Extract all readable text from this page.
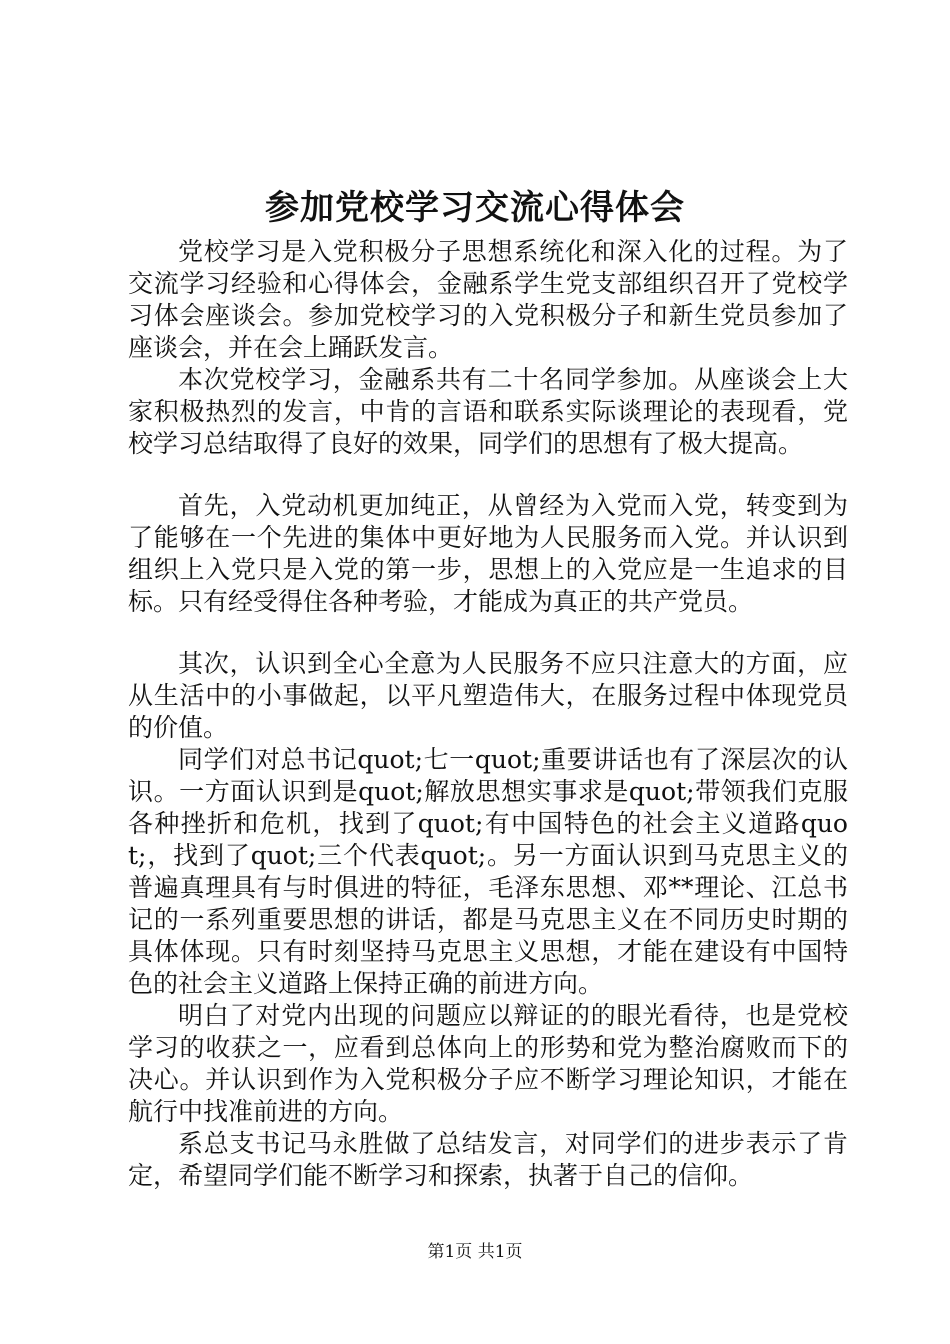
参加党校学习交流心得体会

党校学习是入党积极分子思想系统化和深入化的过程。为了交流学习经验和心得体会，金融系学生党支部组织召开了党校学习体会座谈会。参加党校学习的入党积极分子和新生党员参加了座谈会，并在会上踊跃发言。

本次党校学习，金融系共有二十名同学参加。从座谈会上大家积极热烈的发言，中肯的言语和联系实际谈理论的表现看，党校学习总结取得了良好的效果，同学们的思想有了极大提高。

首先，入党动机更加纯正，从曾经为入党而入党，转变到为了能够在一个先进的集体中更好地为人民服务而入党。并认识到组织上入党只是入党的第一步，思想上的入党应是一生追求的目标。只有经受得住各种考验，才能成为真正的共产党员。

其次，认识到全心全意为人民服务不应只注意大的方面，应从生活中的小事做起，以平凡塑造伟大，在服务过程中体现党员的价值。

同学们对总书记quot;七一quot;重要讲话也有了深层次的认识。一方面认识到是quot;解放思想实事求是quot;带领我们克服各种挫折和危机，找到了quot;有中国特色的社会主义道路quot;，找到了quot;三个代表quot;。另一方面认识到马克思主义的普遍真理具有与时俱进的特征，毛泽东思想、邓**理论、江总书记的一系列重要思想的讲话，都是马克思主义在不同历史时期的具体体现。只有时刻坚持马克思主义思想，才能在建设有中国特色的社会主义道路上保持正确的前进方向。

明白了对党内出现的问题应以辩证的的眼光看待，也是党校学习的收获之一，应看到总体向上的形势和党为整治腐败而下的决心。并认识到作为入党积极分子应不断学习理论知识，才能在航行中找准前进的方向。

系总支书记马永胜做了总结发言，对同学们的进步表示了肯定，希望同学们能不断学习和探索，执著于自己的信仰。

第1页 共1页
